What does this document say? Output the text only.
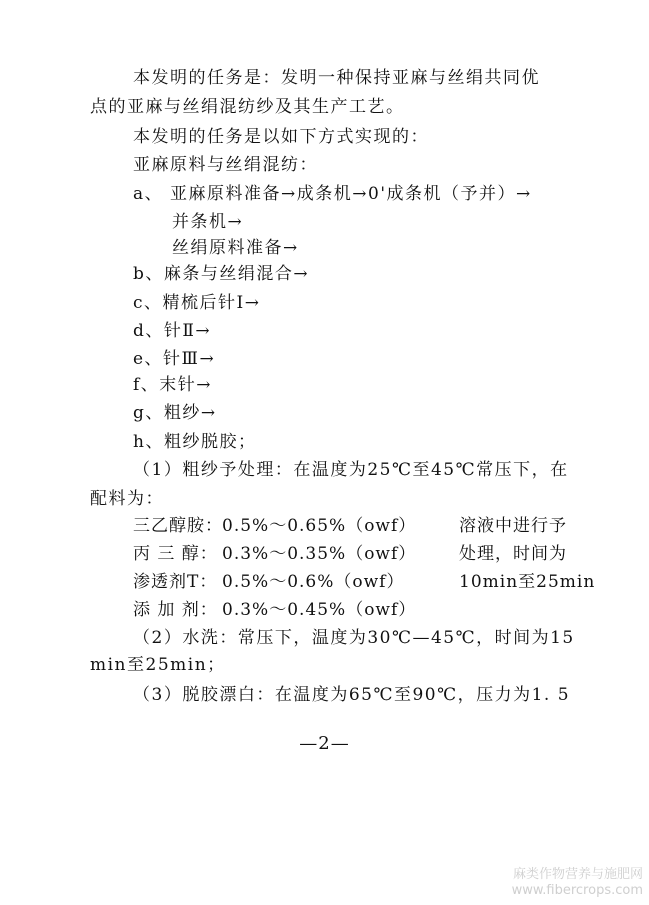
本发明的任务是：发明一种保持亚麻与丝绢共同优
点的亚麻与丝绢混纺纱及其生产工艺。
本发明的任务是以如下方式实现的：
亚麻原料与丝绢混纺：
a、 亚麻原料准备→成条机→0'成条机（予并）→
并条机→
丝绢原料准备→
b、麻条与丝绢混合→
c、精梳后针Ⅰ→
d、针Ⅱ→
e、针Ⅲ→
f、末针→
g、粗纱→
h、粗纱脱胶；
（1）粗纱予处理：在温度为25℃至45℃常压下，在
配料为：
三乙醇胺： 0.5%～0.65%（owf）	溶液中进行予
丙 三 醇： 0.3%～0.35%（owf）	处理，时间为
渗透剂T： 0.5%～0.6%（owf）	10min至25min
添 加 剂： 0.3%～0.45%（owf）
（2）水洗：常压下，温度为30℃—45℃，时间为15
min至25min；
（3）脱胶漂白：在温度为65℃至90℃，压力为1. 5
—2—
麻类作物营养与施肥网
www.fibercrops.com
